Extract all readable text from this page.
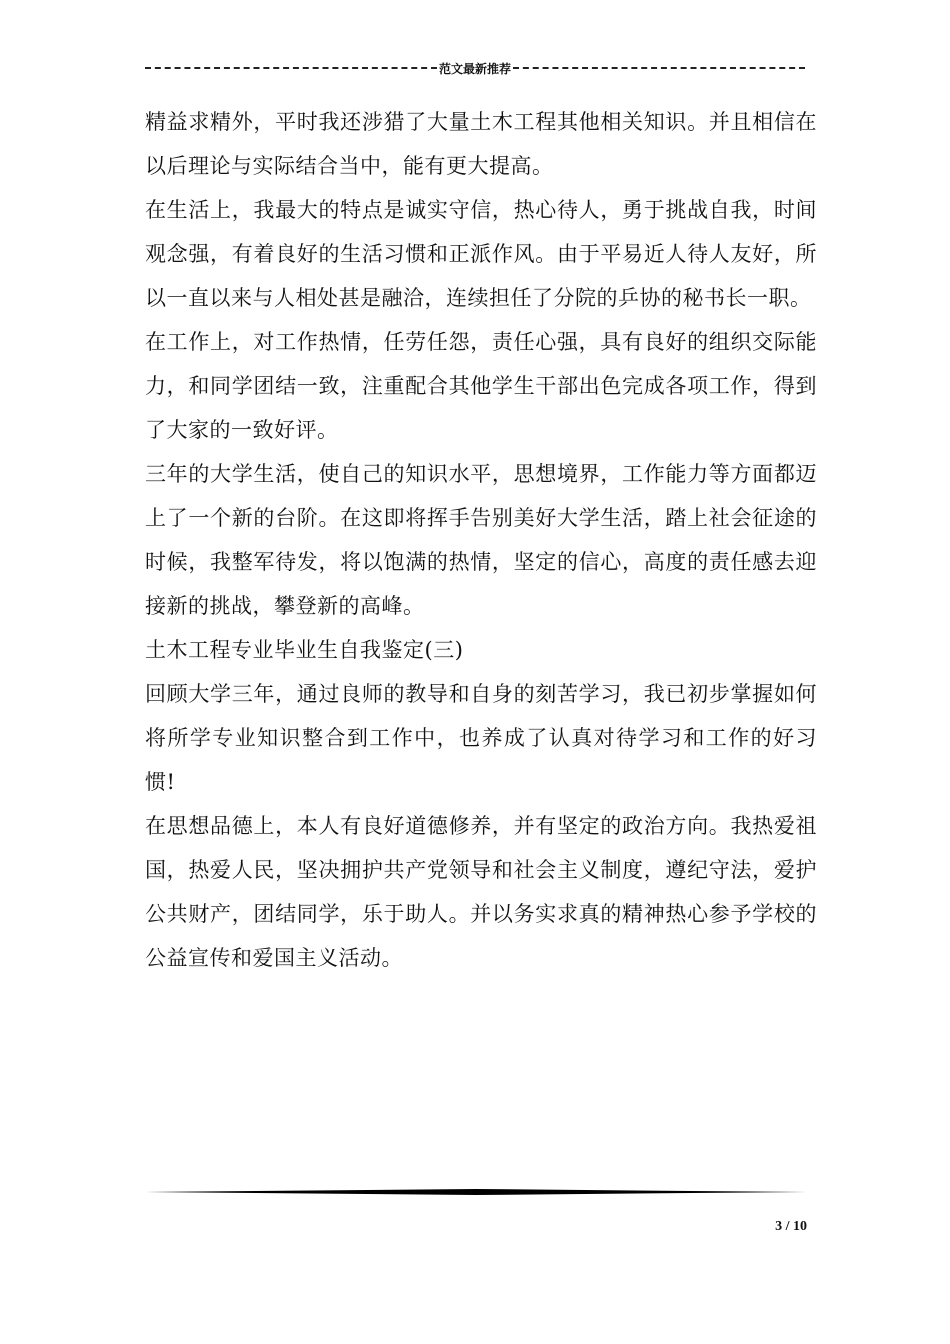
范文最新推荐

精益求精外，平时我还涉猎了大量土木工程其他相关知识。并且相信在以后理论与实际结合当中，能有更大提高。

在生活上，我最大的特点是诚实守信，热心待人，勇于挑战自我，时间观念强，有着良好的生活习惯和正派作风。由于平易近人待人友好，所以一直以来与人相处甚是融洽，连续担任了分院的乒协的秘书长一职。

在工作上，对工作热情，任劳任怨，责任心强，具有良好的组织交际能力，和同学团结一致，注重配合其他学生干部出色完成各项工作，得到了大家的一致好评。

三年的大学生活，使自己的知识水平，思想境界，工作能力等方面都迈上了一个新的台阶。在这即将挥手告别美好大学生活，踏上社会征途的时候，我整军待发，将以饱满的热情，坚定的信心，高度的责任感去迎接新的挑战，攀登新的高峰。

土木工程专业毕业生自我鉴定(三)

回顾大学三年，通过良师的教导和自身的刻苦学习，我已初步掌握如何将所学专业知识整合到工作中，也养成了认真对待学习和工作的好习惯!

在思想品德上，本人有良好道德修养，并有坚定的政治方向。我热爱祖国，热爱人民，坚决拥护共产党领导和社会主义制度，遵纪守法，爱护公共财产，团结同学，乐于助人。并以务实求真的精神热心参予学校的公益宣传和爱国主义活动。

3 / 10
